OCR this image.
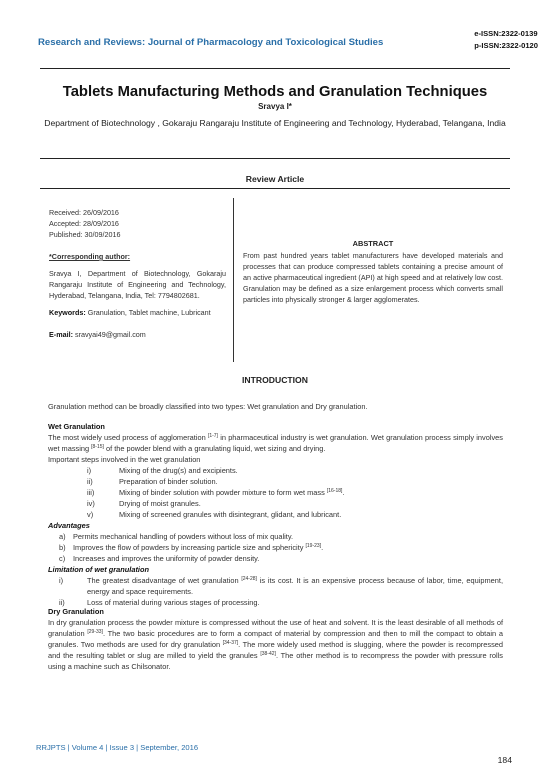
Research and Reviews: Journal of Pharmacology and Toxicological Studies
e-ISSN:2322-0139
p-ISSN:2322-0120
Tablets Manufacturing Methods and Granulation Techniques
Sravya I*
Department of Biotechnology , Gokaraju Rangaraju Institute of Engineering and Technology, Hyderabad, Telangana, India
Review Article
Received: 26/09/2016
Accepted: 28/09/2016
Published: 30/09/2016
*Corresponding author:
Sravya I, Department of Biotechnology, Gokaraju Rangaraju Institute of Engineering and Technology, Hyderabad, Telangana, India, Tel: 7794802681.
Keywords: Granulation, Tablet machine, Lubricant
E-mail: sravyai49@gmail.com
ABSTRACT
From past hundred years tablet manufacturers have developed materials and processes that can produce compressed tablets containing a precise amount of an active pharmaceutical ingredient (API) at high speed and at relatively low cost. Granulation may be defined as a size enlargement process which converts small particles into physically stronger & larger agglomerates.
INTRODUCTION
Granulation method can be broadly classified into two types: Wet granulation and Dry granulation.
Wet Granulation
The most widely used process of agglomeration [1-7] in pharmaceutical industry is wet granulation. Wet granulation process simply involves wet massing [8-15] of the powder blend with a granulating liquid, wet sizing and drying.
Important steps involved in the wet granulation
i)	Mixing of the drug(s) and excipients.
ii)	Preparation of binder solution.
iii)	Mixing of binder solution with powder mixture to form wet mass [16-18].
iv)	Drying of moist granules.
v)	Mixing of screened granules with disintegrant, glidant, and lubricant.
Advantages
a)	Permits mechanical handling of powders without loss of mix quality.
b)	Improves the flow of powders by increasing particle size and sphericity [19-23].
c)	Increases and improves the uniformity of powder density.
Limitation of wet granulation
i)	The greatest disadvantage of wet granulation [24-28] is its cost. It is an expensive process because of labor, time, equipment, energy and space requirements.
ii)	Loss of material during various stages of processing.
Dry Granulation
In dry granulation process the powder mixture is compressed without the use of heat and solvent. It is the least desirable of all methods of granulation [29-33]. The two basic procedures are to form a compact of material by compression and then to mill the compact to obtain a granules. Two methods are used for dry granulation [34-37]. The more widely used method is slugging, where the powder is recompressed and the resulting tablet or slug are milled to yield the granules [38-42]. The other method is to recompress the powder with pressure rolls using a machine such as Chilsonator.
RRJPTS | Volume 4 | Issue 3 | September, 2016
184
